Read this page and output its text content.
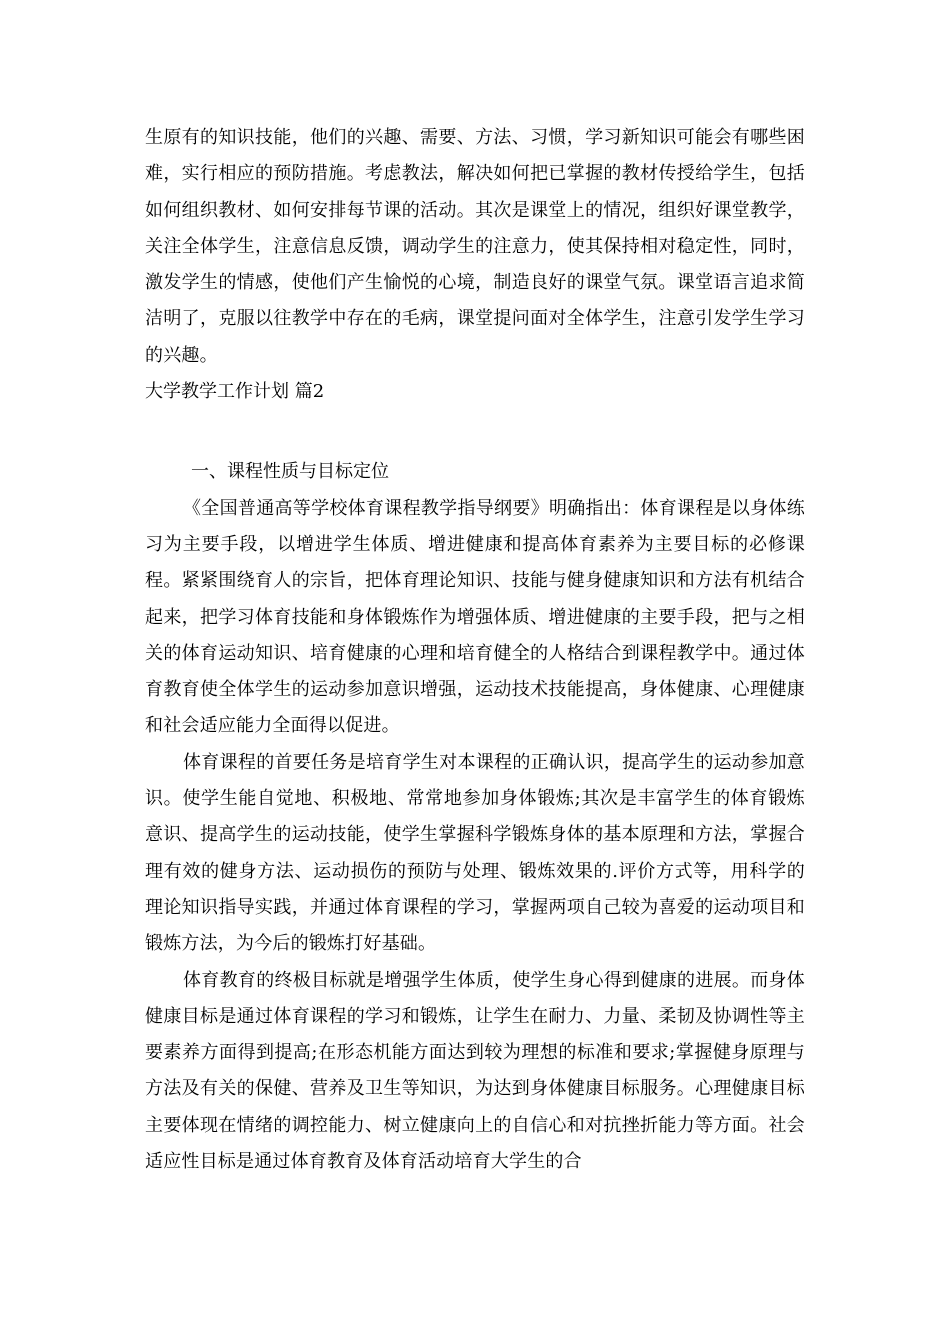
生原有的知识技能，他们的兴趣、需要、方法、习惯，学习新知识可能会有哪些困难，实行相应的预防措施。考虑教法，解决如何把已掌握的教材传授给学生，包括如何组织教材、如何安排每节课的活动。其次是课堂上的情况，组织好课堂教学，关注全体学生，注意信息反馈，调动学生的注意力，使其保持相对稳定性，同时，激发学生的情感，使他们产生愉悦的心境，制造良好的课堂气氛。课堂语言追求简洁明了，克服以往教学中存在的毛病，课堂提问面对全体学生，注意引发学生学习的兴趣。

大学教学工作计划 篇2

一、课程性质与目标定位

《全国普通高等学校体育课程教学指导纲要》明确指出：体育课程是以身体练习为主要手段，以增进学生体质、增进健康和提高体育素养为主要目标的必修课程。紧紧围绕育人的宗旨，把体育理论知识、技能与健身健康知识和方法有机结合起来，把学习体育技能和身体锻炼作为增强体质、增进健康的主要手段，把与之相关的体育运动知识、培育健康的心理和培育健全的人格结合到课程教学中。通过体育教育使全体学生的运动参加意识增强，运动技术技能提高，身体健康、心理健康和社会适应能力全面得以促进。

体育课程的首要任务是培育学生对本课程的正确认识，提高学生的运动参加意识。使学生能自觉地、积极地、常常地参加身体锻炼;其次是丰富学生的体育锻炼意识、提高学生的运动技能，使学生掌握科学锻炼身体的基本原理和方法，掌握合理有效的健身方法、运动损伤的预防与处理、锻炼效果的.评价方式等，用科学的理论知识指导实践，并通过体育课程的学习，掌握两项自己较为喜爱的运动项目和锻炼方法，为今后的锻炼打好基础。

体育教育的终极目标就是增强学生体质，使学生身心得到健康的进展。而身体健康目标是通过体育课程的学习和锻炼，让学生在耐力、力量、柔韧及协调性等主要素养方面得到提高;在形态机能方面达到较为理想的标准和要求;掌握健身原理与方法及有关的保健、营养及卫生等知识，为达到身体健康目标服务。心理健康目标主要体现在情绪的调控能力、树立健康向上的自信心和对抗挫折能力等方面。社会适应性目标是通过体育教育及体育活动培育大学生的合
